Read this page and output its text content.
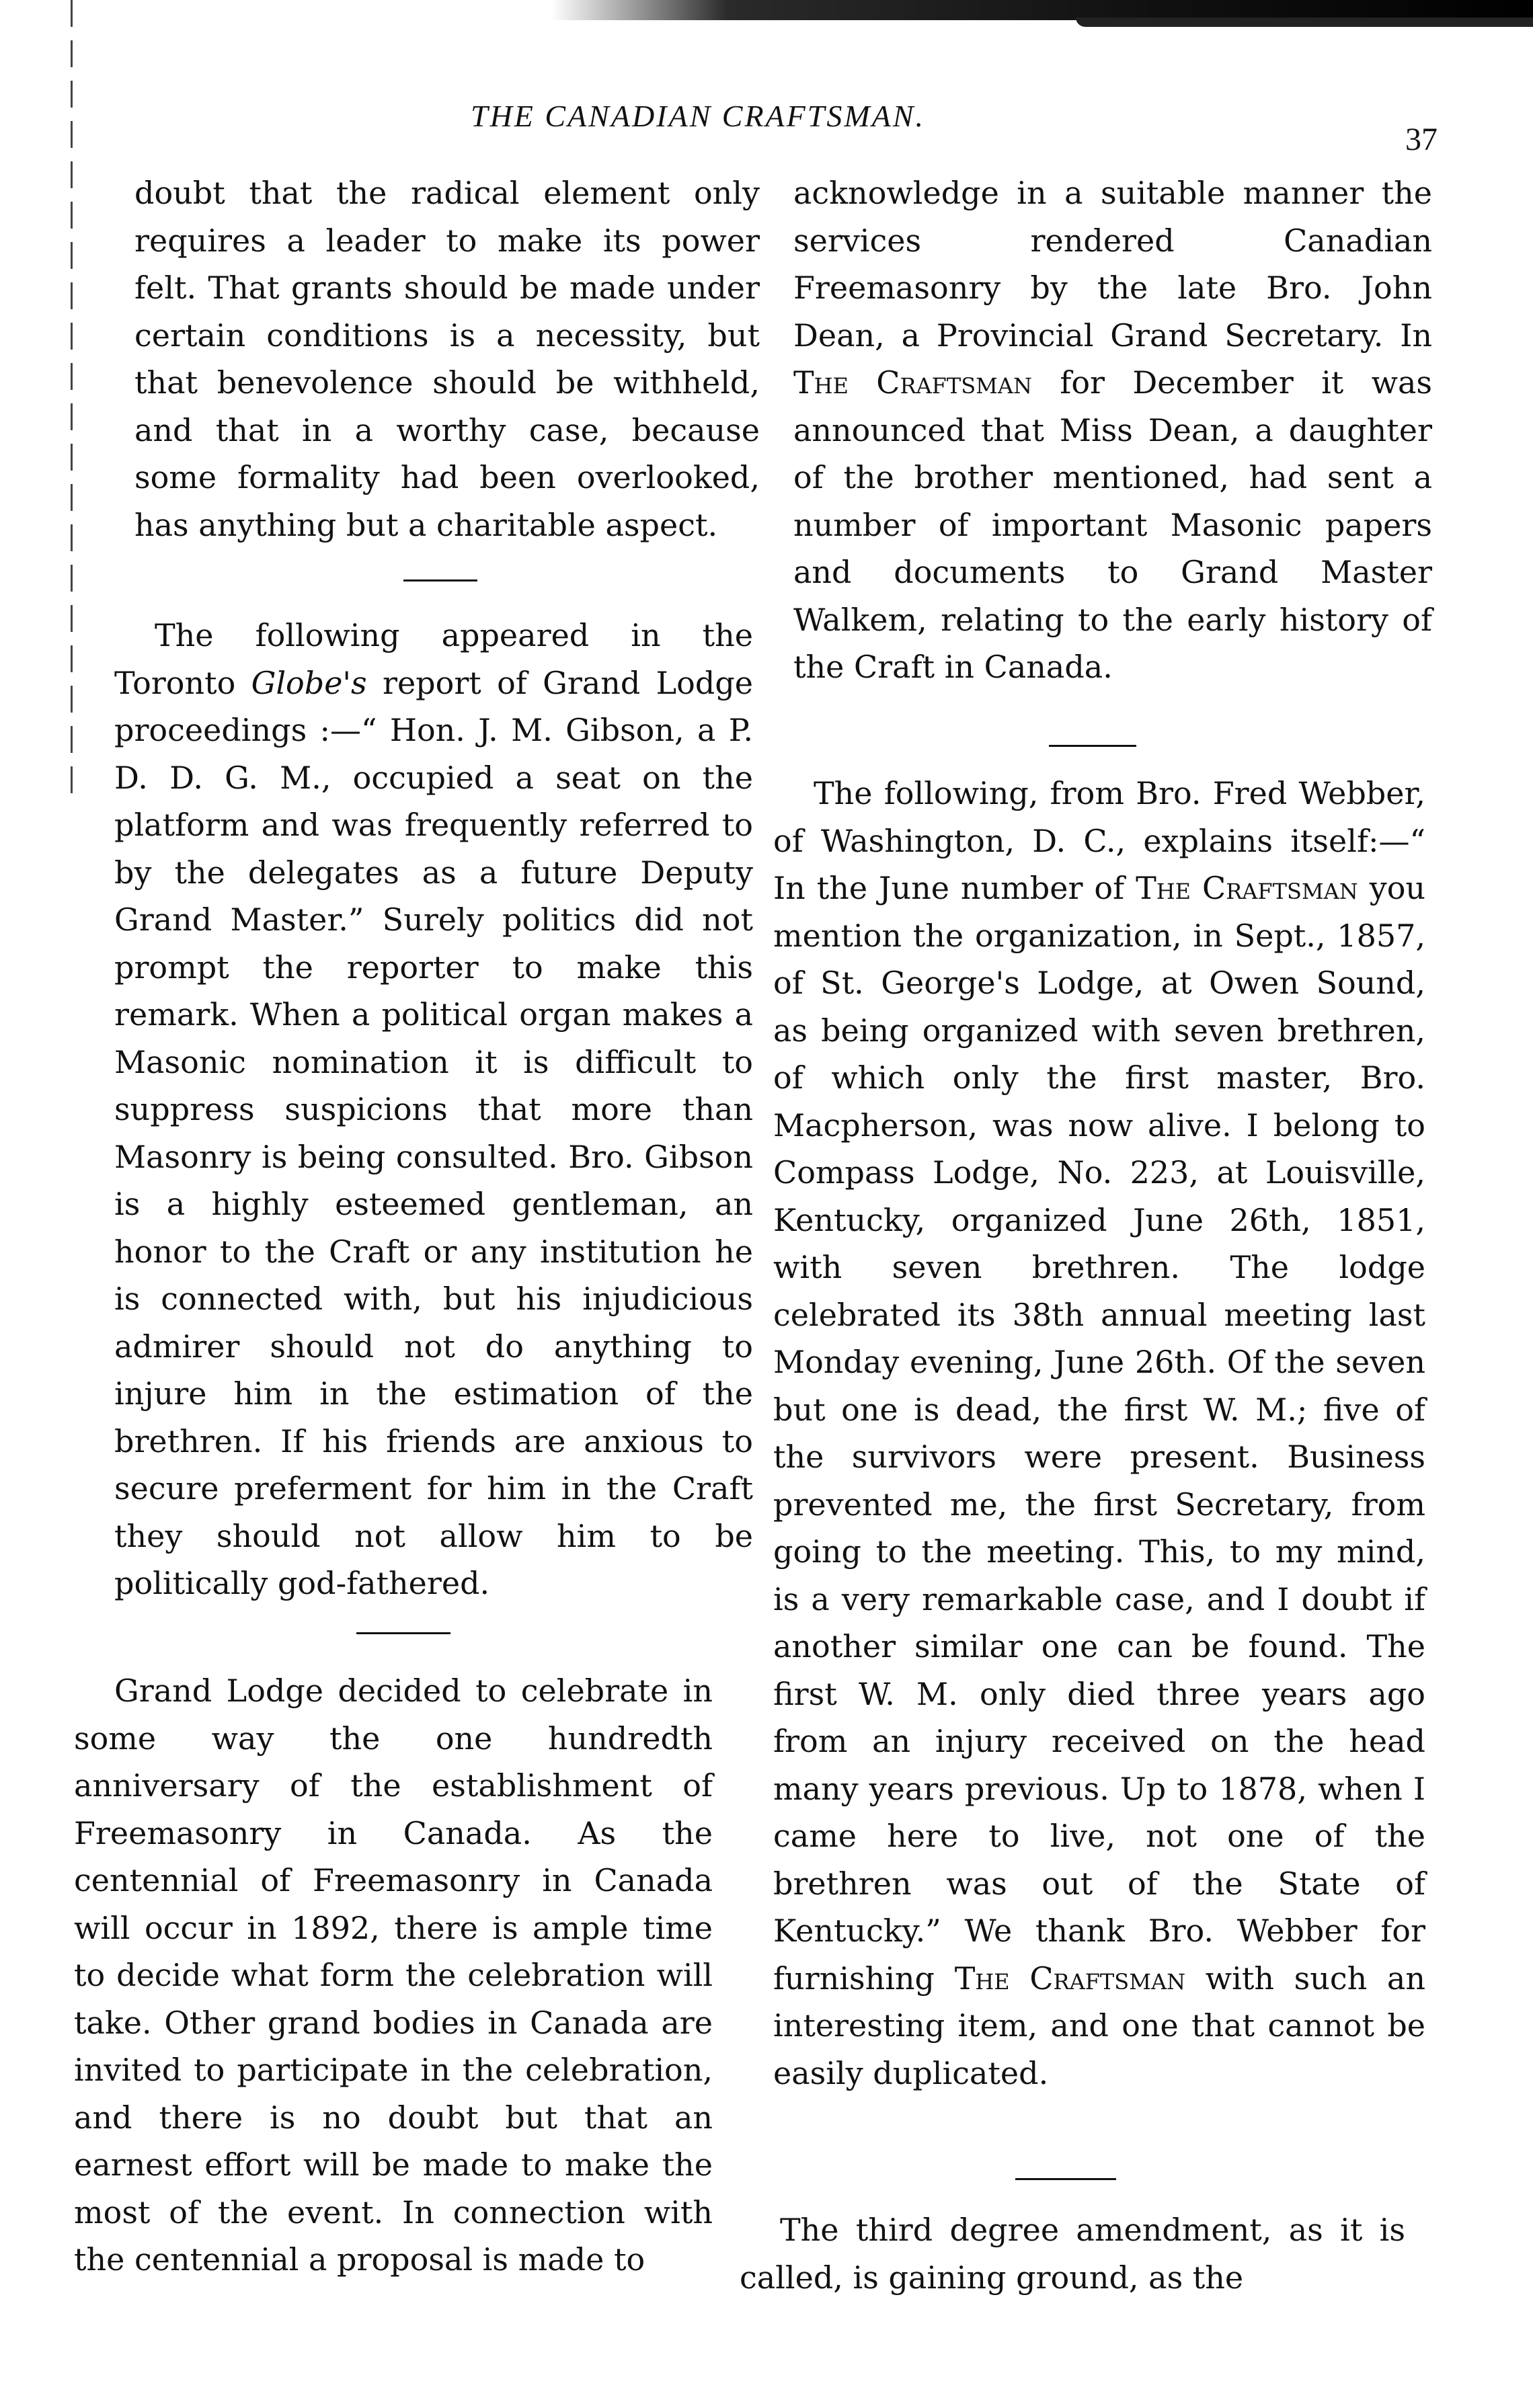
THE CANADIAN CRAFTSMAN.
37

doubt that the radical element only requires a leader to make its power felt. That grants should be made under certain conditions is a necessity, but that benevolence should be withheld, and that in a worthy case, because some formality had been overlooked, has anything but a charitable aspect.

The following appeared in the Toronto Globe's report of Grand Lodge proceedings :—“ Hon. J. M. Gibson, a P. D. D. G. M., occupied a seat on the platform and was frequently referred to by the delegates as a future Deputy Grand Master.” Surely politics did not prompt the reporter to make this remark. When a political organ makes a Masonic nomination it is difficult to suppress suspicions that more than Masonry is being consulted. Bro. Gibson is a highly esteemed gentleman, an honor to the Craft or any institution he is connected with, but his injudicious admirer should not do anything to injure him in the estimation of the brethren. If his friends are anxious to secure preferment for him in the Craft they should not allow him to be politically god-fathered.

Grand Lodge decided to celebrate in some way the one hundredth anniversary of the establishment of Freemasonry in Canada. As the centennial of Freemasonry in Canada will occur in 1892, there is ample time to decide what form the celebration will take. Other grand bodies in Canada are invited to participate in the celebration, and there is no doubt but that an earnest effort will be made to make the most of the event. In connection with the centennial a proposal is made to

acknowledge in a suitable manner the services rendered Canadian Freemasonry by the late Bro. John Dean, a Provincial Grand Secretary. In The Craftsman for December it was announced that Miss Dean, a daughter of the brother mentioned, had sent a number of important Masonic papers and documents to Grand Master Walkem, relating to the early history of the Craft in Canada.

The following, from Bro. Fred Webber, of Washington, D. C., explains itself:—“ In the June number of The Craftsman you mention the organization, in Sept., 1857, of St. George's Lodge, at Owen Sound, as being organized with seven brethren, of which only the first master, Bro. Macpherson, was now alive. I belong to Compass Lodge, No. 223, at Louisville, Kentucky, organized June 26th, 1851, with seven brethren. The lodge celebrated its 38th annual meeting last Monday evening, June 26th. Of the seven but one is dead, the first W. M.; five of the survivors were present. Business prevented me, the first Secretary, from going to the meeting. This, to my mind, is a very remarkable case, and I doubt if another similar one can be found. The first W. M. only died three years ago from an injury received on the head many years previous. Up to 1878, when I came here to live, not one of the brethren was out of the State of Kentucky.” We thank Bro. Webber for furnishing The Craftsman with such an interesting item, and one that cannot be easily duplicated.

The third degree amendment, as it is called, is gaining ground, as the
